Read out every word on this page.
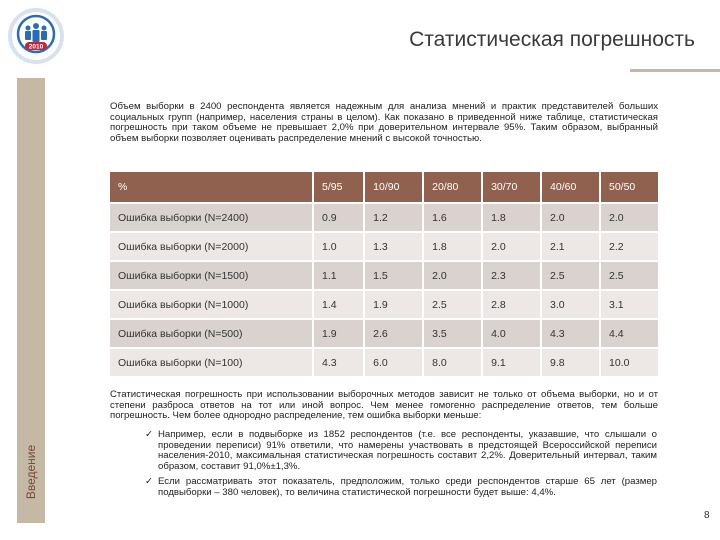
2010	Статистическая погрешность
Введение
Объем выборки в 2400 респондента является надежным для анализа мнений и практик представителей больших социальных групп (например, населения страны в целом). Как показано в приведенной ниже таблице, статистическая погрешность при таком объеме не превышает 2,0% при доверительном интервале 95%. Таким образом, выбранный объем выборки позволяет оценивать распределение мнений с высокой точностью.
%	5/95	10/90	20/80	30/70	40/60	50/50
Ошибка выборки (N=2400)	0.9	1.2	1.6	1.8	2.0	2.0
Ошибка выборки (N=2000)	1.0	1.3	1.8	2.0	2.1	2.2
Ошибка выборки (N=1500)	1.1	1.5	2.0	2.3	2.5	2.5
Ошибка выборки (N=1000)	1.4	1.9	2.5	2.8	3.0	3.1
Ошибка выборки (N=500)	1.9	2.6	3.5	4.0	4.3	4.4
Ошибка выборки (N=100)	4.3	6.0	8.0	9.1	9.8	10.0
Статистическая погрешность при использовании выборочных методов зависит не только от объема выборки, но и от степени разброса ответов на тот или иной вопрос. Чем менее гомогенно распределение ответов, тем больше погрешность. Чем более однородно распределение, тем ошибка выборки меньше:
✓ Например, если в подвыборке из 1852 респондентов (т.е. все респонденты, указавшие, что слышали о проведении переписи) 91% ответили, что намерены участвовать в предстоящей Всероссийской переписи населения-2010, максимальная статистическая погрешность составит 2,2%. Доверительный интервал, таким образом, составит 91,0%±1,3%.
✓ Если рассматривать этот показатель, предположим, только среди респондентов старше 65 лет (размер подвыборки – 380 человек), то величина статистической погрешности будет выше: 4,4%.
8
